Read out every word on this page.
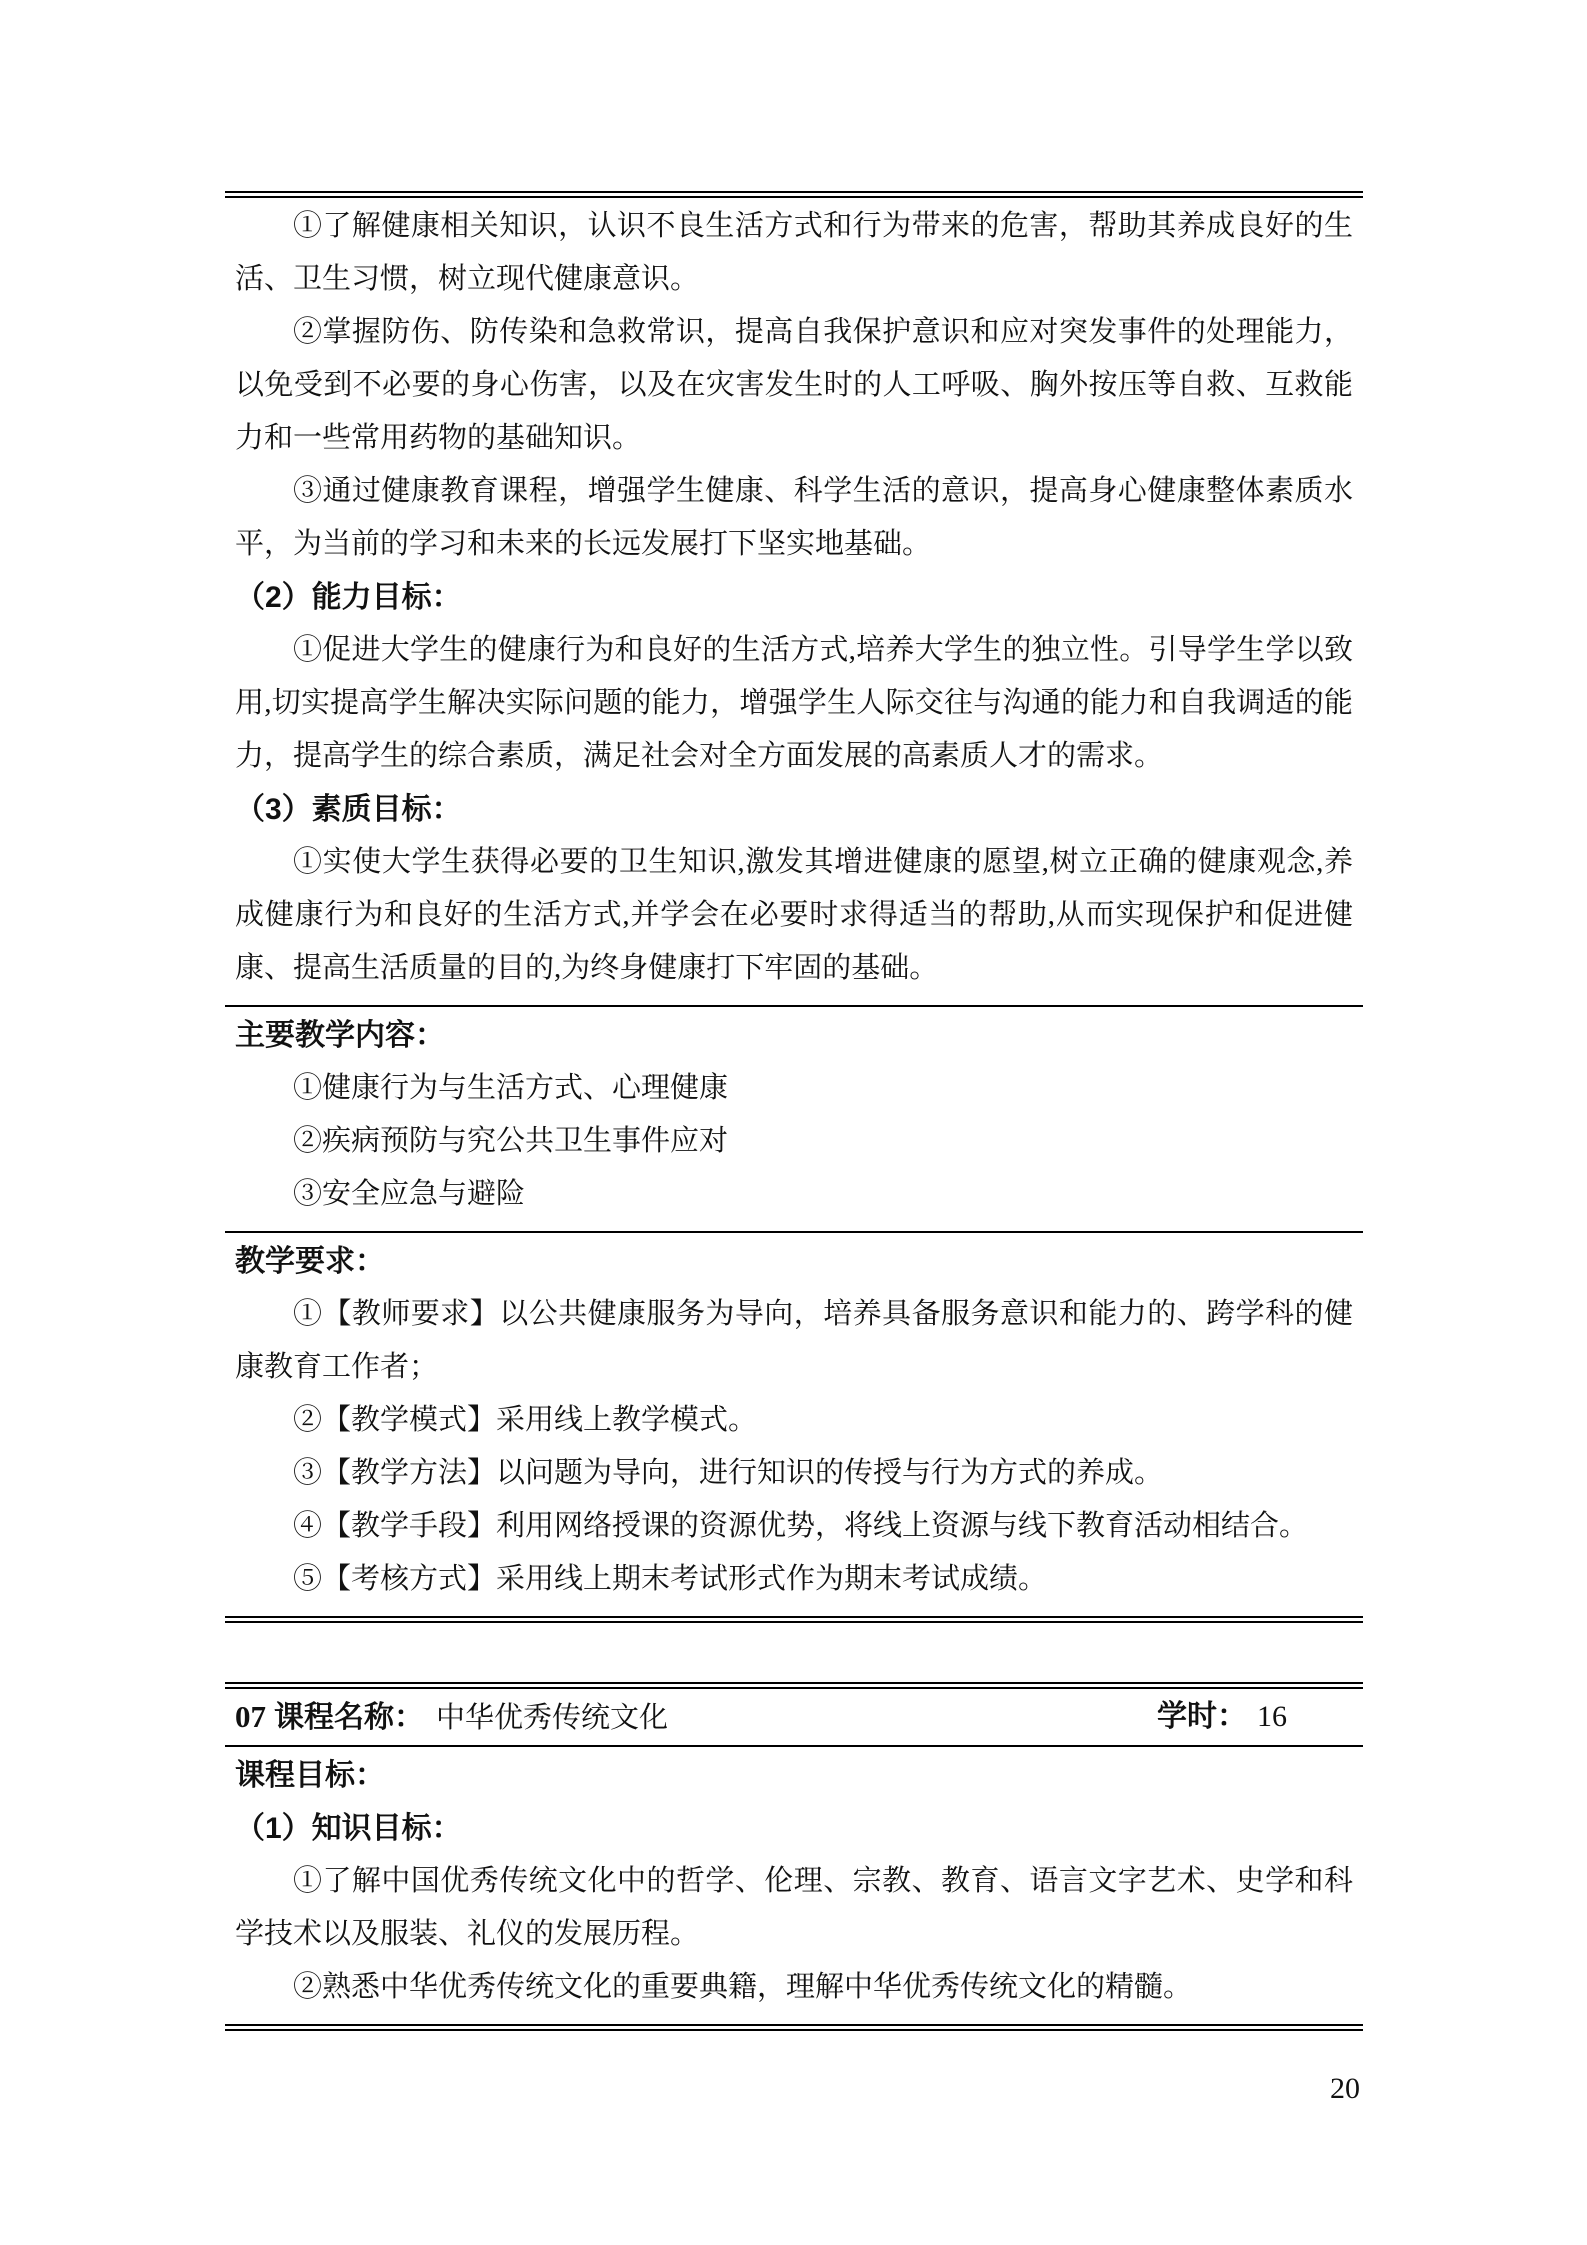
①了解健康相关知识，认识不良生活方式和行为带来的危害，帮助其养成良好的生活、卫生习惯，树立现代健康意识。

②掌握防伤、防传染和急救常识，提高自我保护意识和应对突发事件的处理能力，以免受到不必要的身心伤害，以及在灾害发生时的人工呼吸、胸外按压等自救、互救能力和一些常用药物的基础知识。

③通过健康教育课程，增强学生健康、科学生活的意识，提高身心健康整体素质水平，为当前的学习和未来的长远发展打下坚实地基础。

（2）能力目标：

①促进大学生的健康行为和良好的生活方式,培养大学生的独立性。引导学生学以致用,切实提高学生解决实际问题的能力，增强学生人际交往与沟通的能力和自我调适的能力，提高学生的综合素质，满足社会对全方面发展的高素质人才的需求。

（3）素质目标：

①实使大学生获得必要的卫生知识,激发其增进健康的愿望,树立正确的健康观念,养成健康行为和良好的生活方式,并学会在必要时求得适当的帮助,从而实现保护和促进健康、提高生活质量的目的,为终身健康打下牢固的基础。

主要教学内容：

①健康行为与生活方式、心理健康

②疾病预防与究公共卫生事件应对

③安全应急与避险

教学要求：

①【教师要求】以公共健康服务为导向，培养具备服务意识和能力的、跨学科的健康教育工作者；

②【教学模式】采用线上教学模式。

③【教学方法】以问题为导向，进行知识的传授与行为方式的养成。

④【教学手段】利用网络授课的资源优势，将线上资源与线下教育活动相结合。

⑤【考核方式】采用线上期末考试形式作为期末考试成绩。

07 课程名称： 中华优秀传统文化	学时： 16

课程目标：

（1）知识目标：

①了解中国优秀传统文化中的哲学、伦理、宗教、教育、语言文字艺术、史学和科学技术以及服装、礼仪的发展历程。

②熟悉中华优秀传统文化的重要典籍，理解中华优秀传统文化的精髓。

20
